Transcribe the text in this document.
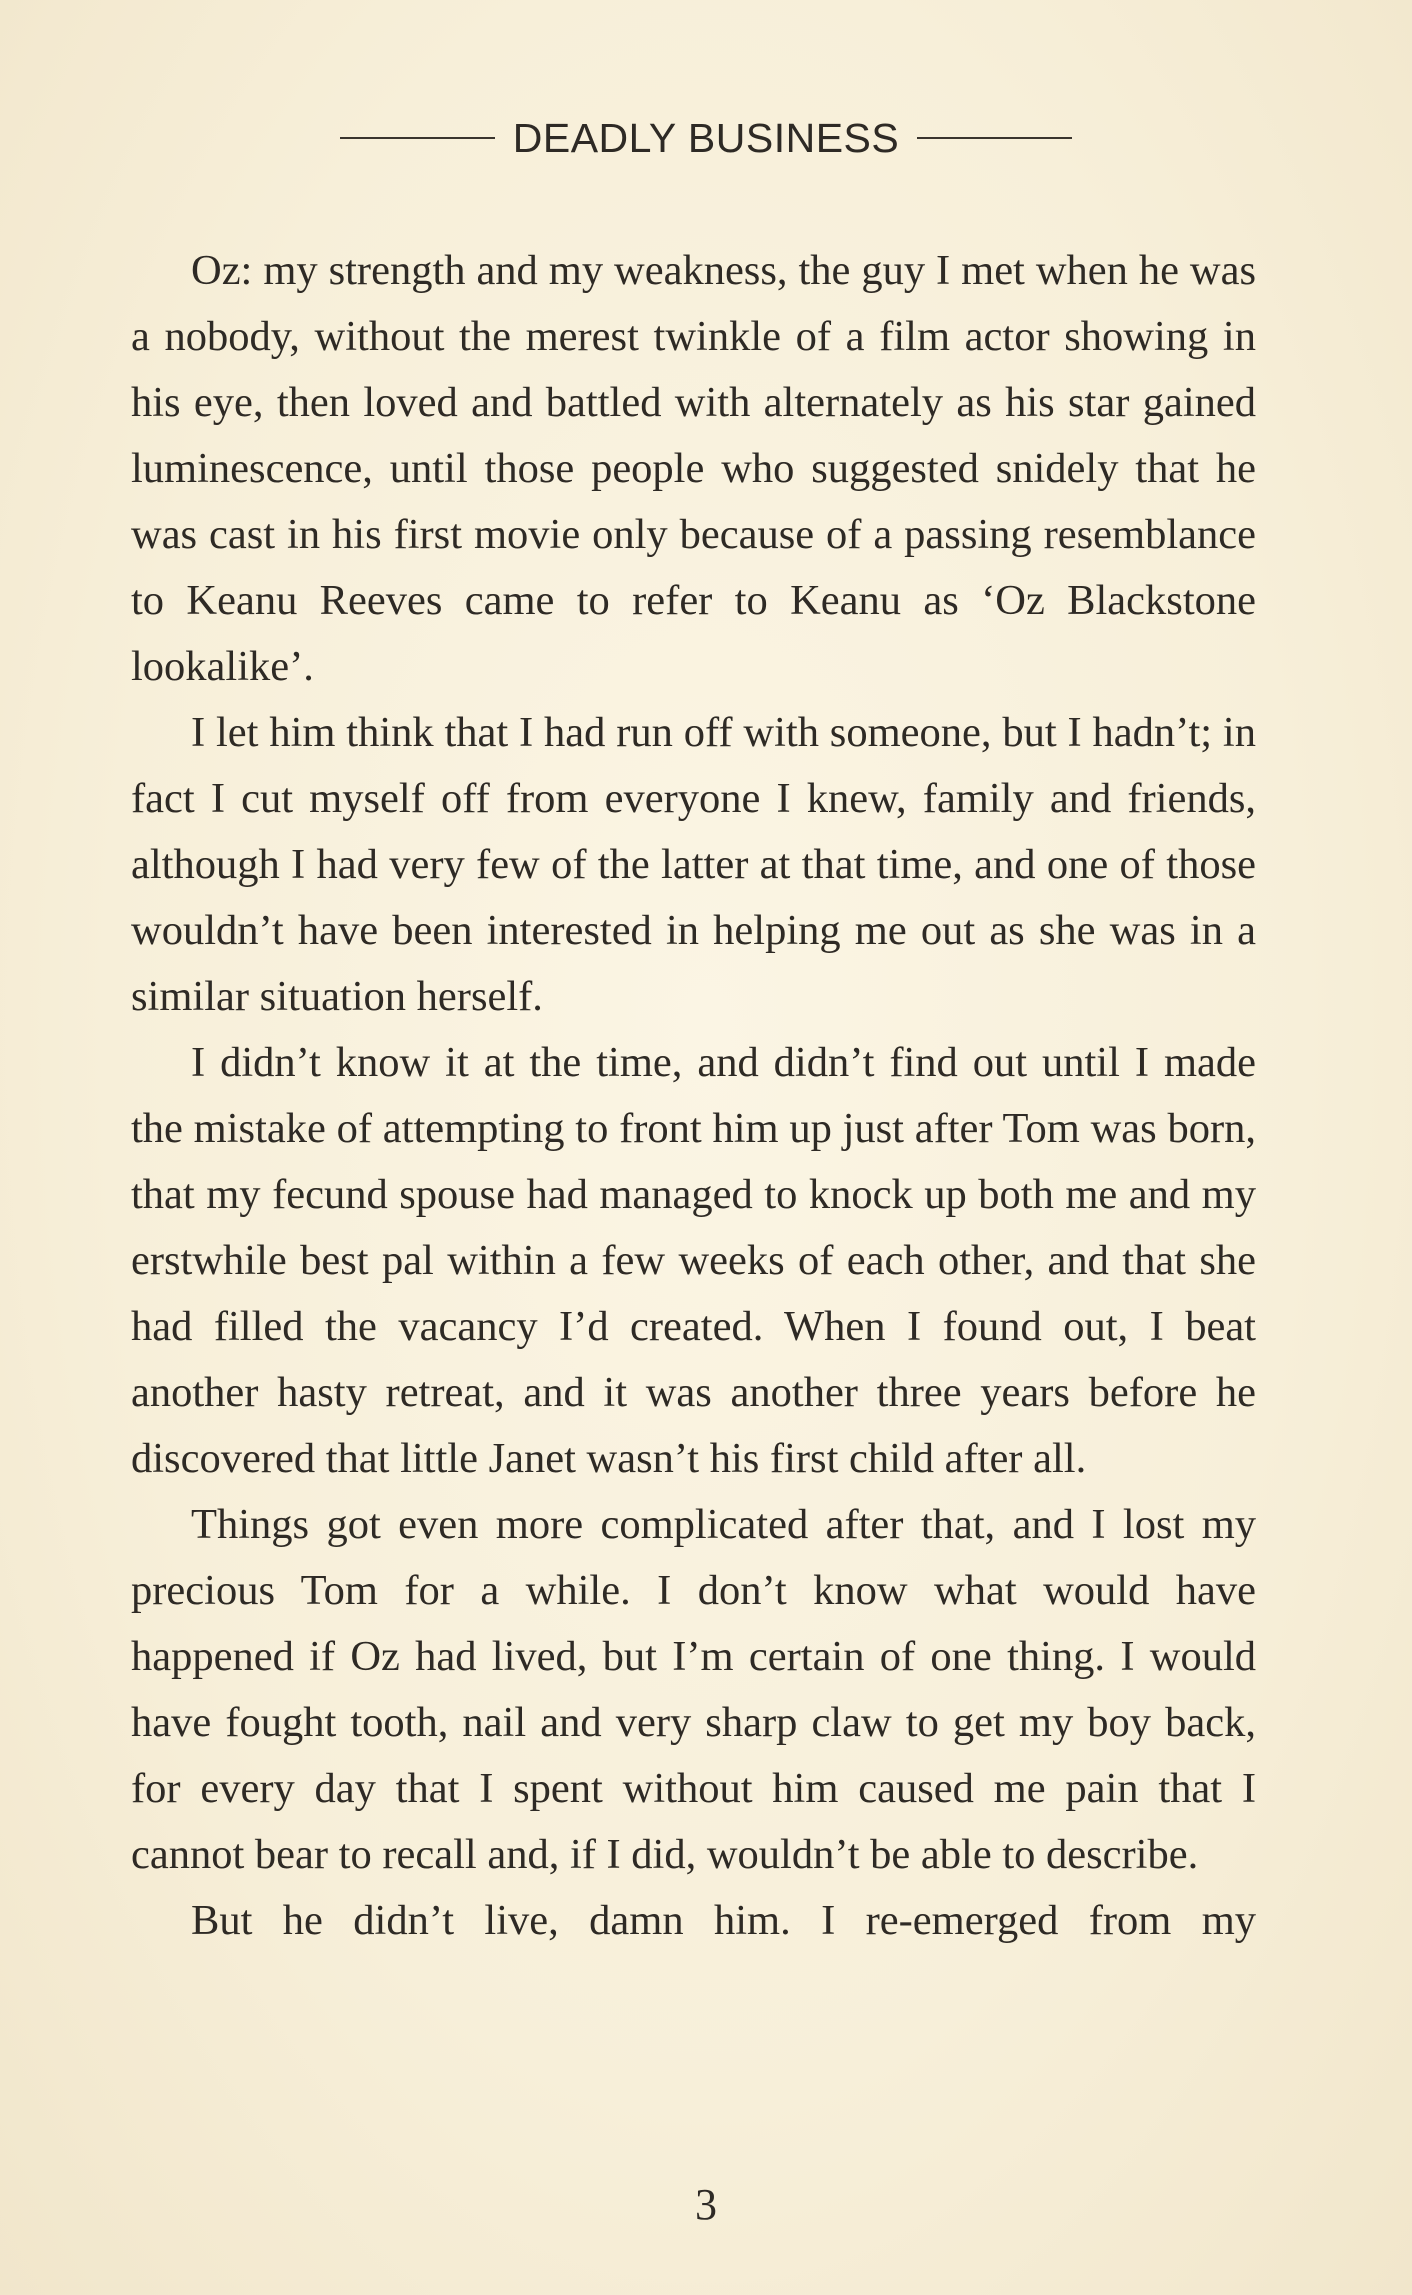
DEADLY BUSINESS

Oz: my strength and my weakness, the guy I met when he was a nobody, without the merest twinkle of a film actor showing in his eye, then loved and battled with alternately as his star gained luminescence, until those people who suggested snidely that he was cast in his first movie only because of a passing resemblance to Keanu Reeves came to refer to Keanu as ‘Oz Blackstone lookalike’.

I let him think that I had run off with someone, but I hadn’t; in fact I cut myself off from everyone I knew, family and friends, although I had very few of the latter at that time, and one of those wouldn’t have been interested in helping me out as she was in a similar situation herself.

I didn’t know it at the time, and didn’t find out until I made the mistake of attempting to front him up just after Tom was born, that my fecund spouse had managed to knock up both me and my erstwhile best pal within a few weeks of each other, and that she had filled the vacancy I’d created. When I found out, I beat another hasty retreat, and it was another three years before he discovered that little Janet wasn’t his first child after all.

Things got even more complicated after that, and I lost my precious Tom for a while. I don’t know what would have happened if Oz had lived, but I’m certain of one thing. I would have fought tooth, nail and very sharp claw to get my boy back, for every day that I spent without him caused me pain that I cannot bear to recall and, if I did, wouldn’t be able to describe.

But he didn’t live, damn him. I re-emerged from my

3
